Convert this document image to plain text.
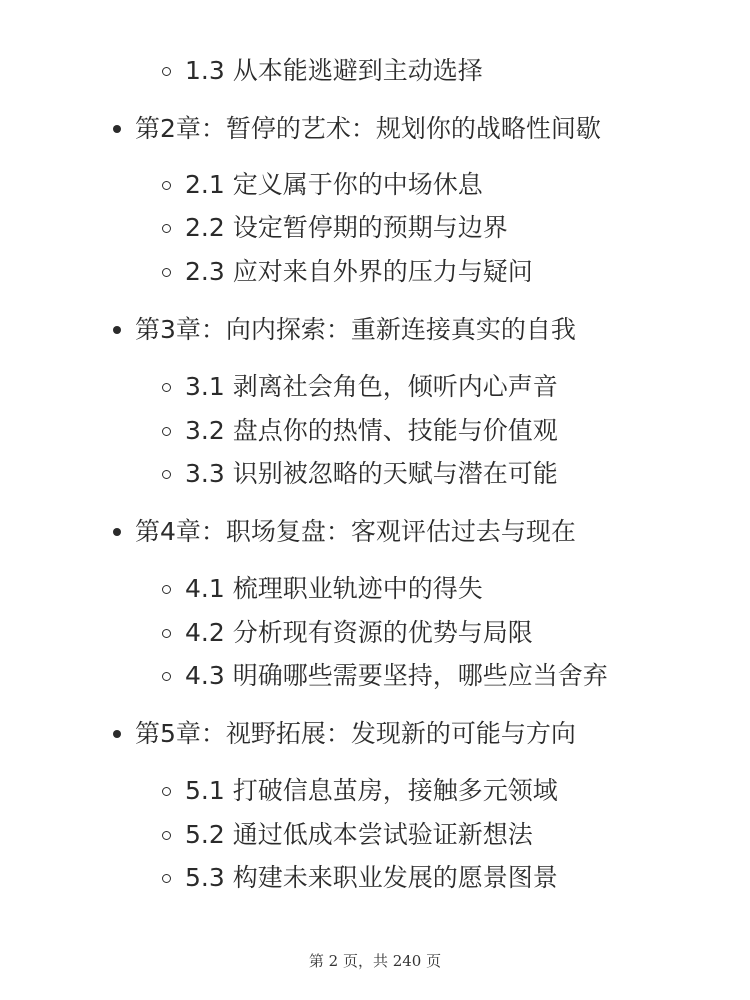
1.3 从本能逃避到主动选择
第2章：暂停的艺术：规划你的战略性间歇
2.1 定义属于你的中场休息
2.2 设定暂停期的预期与边界
2.3 应对来自外界的压力与疑问
第3章：向内探索：重新连接真实的自我
3.1 剥离社会角色，倾听内心声音
3.2 盘点你的热情、技能与价值观
3.3 识别被忽略的天赋与潜在可能
第4章：职场复盘：客观评估过去与现在
4.1 梳理职业轨迹中的得失
4.2 分析现有资源的优势与局限
4.3 明确哪些需要坚持，哪些应当舍弃
第5章：视野拓展：发现新的可能与方向
5.1 打破信息茧房，接触多元领域
5.2 通过低成本尝试验证新想法
5.3 构建未来职业发展的愿景图景
第 2 页，共 240 页
